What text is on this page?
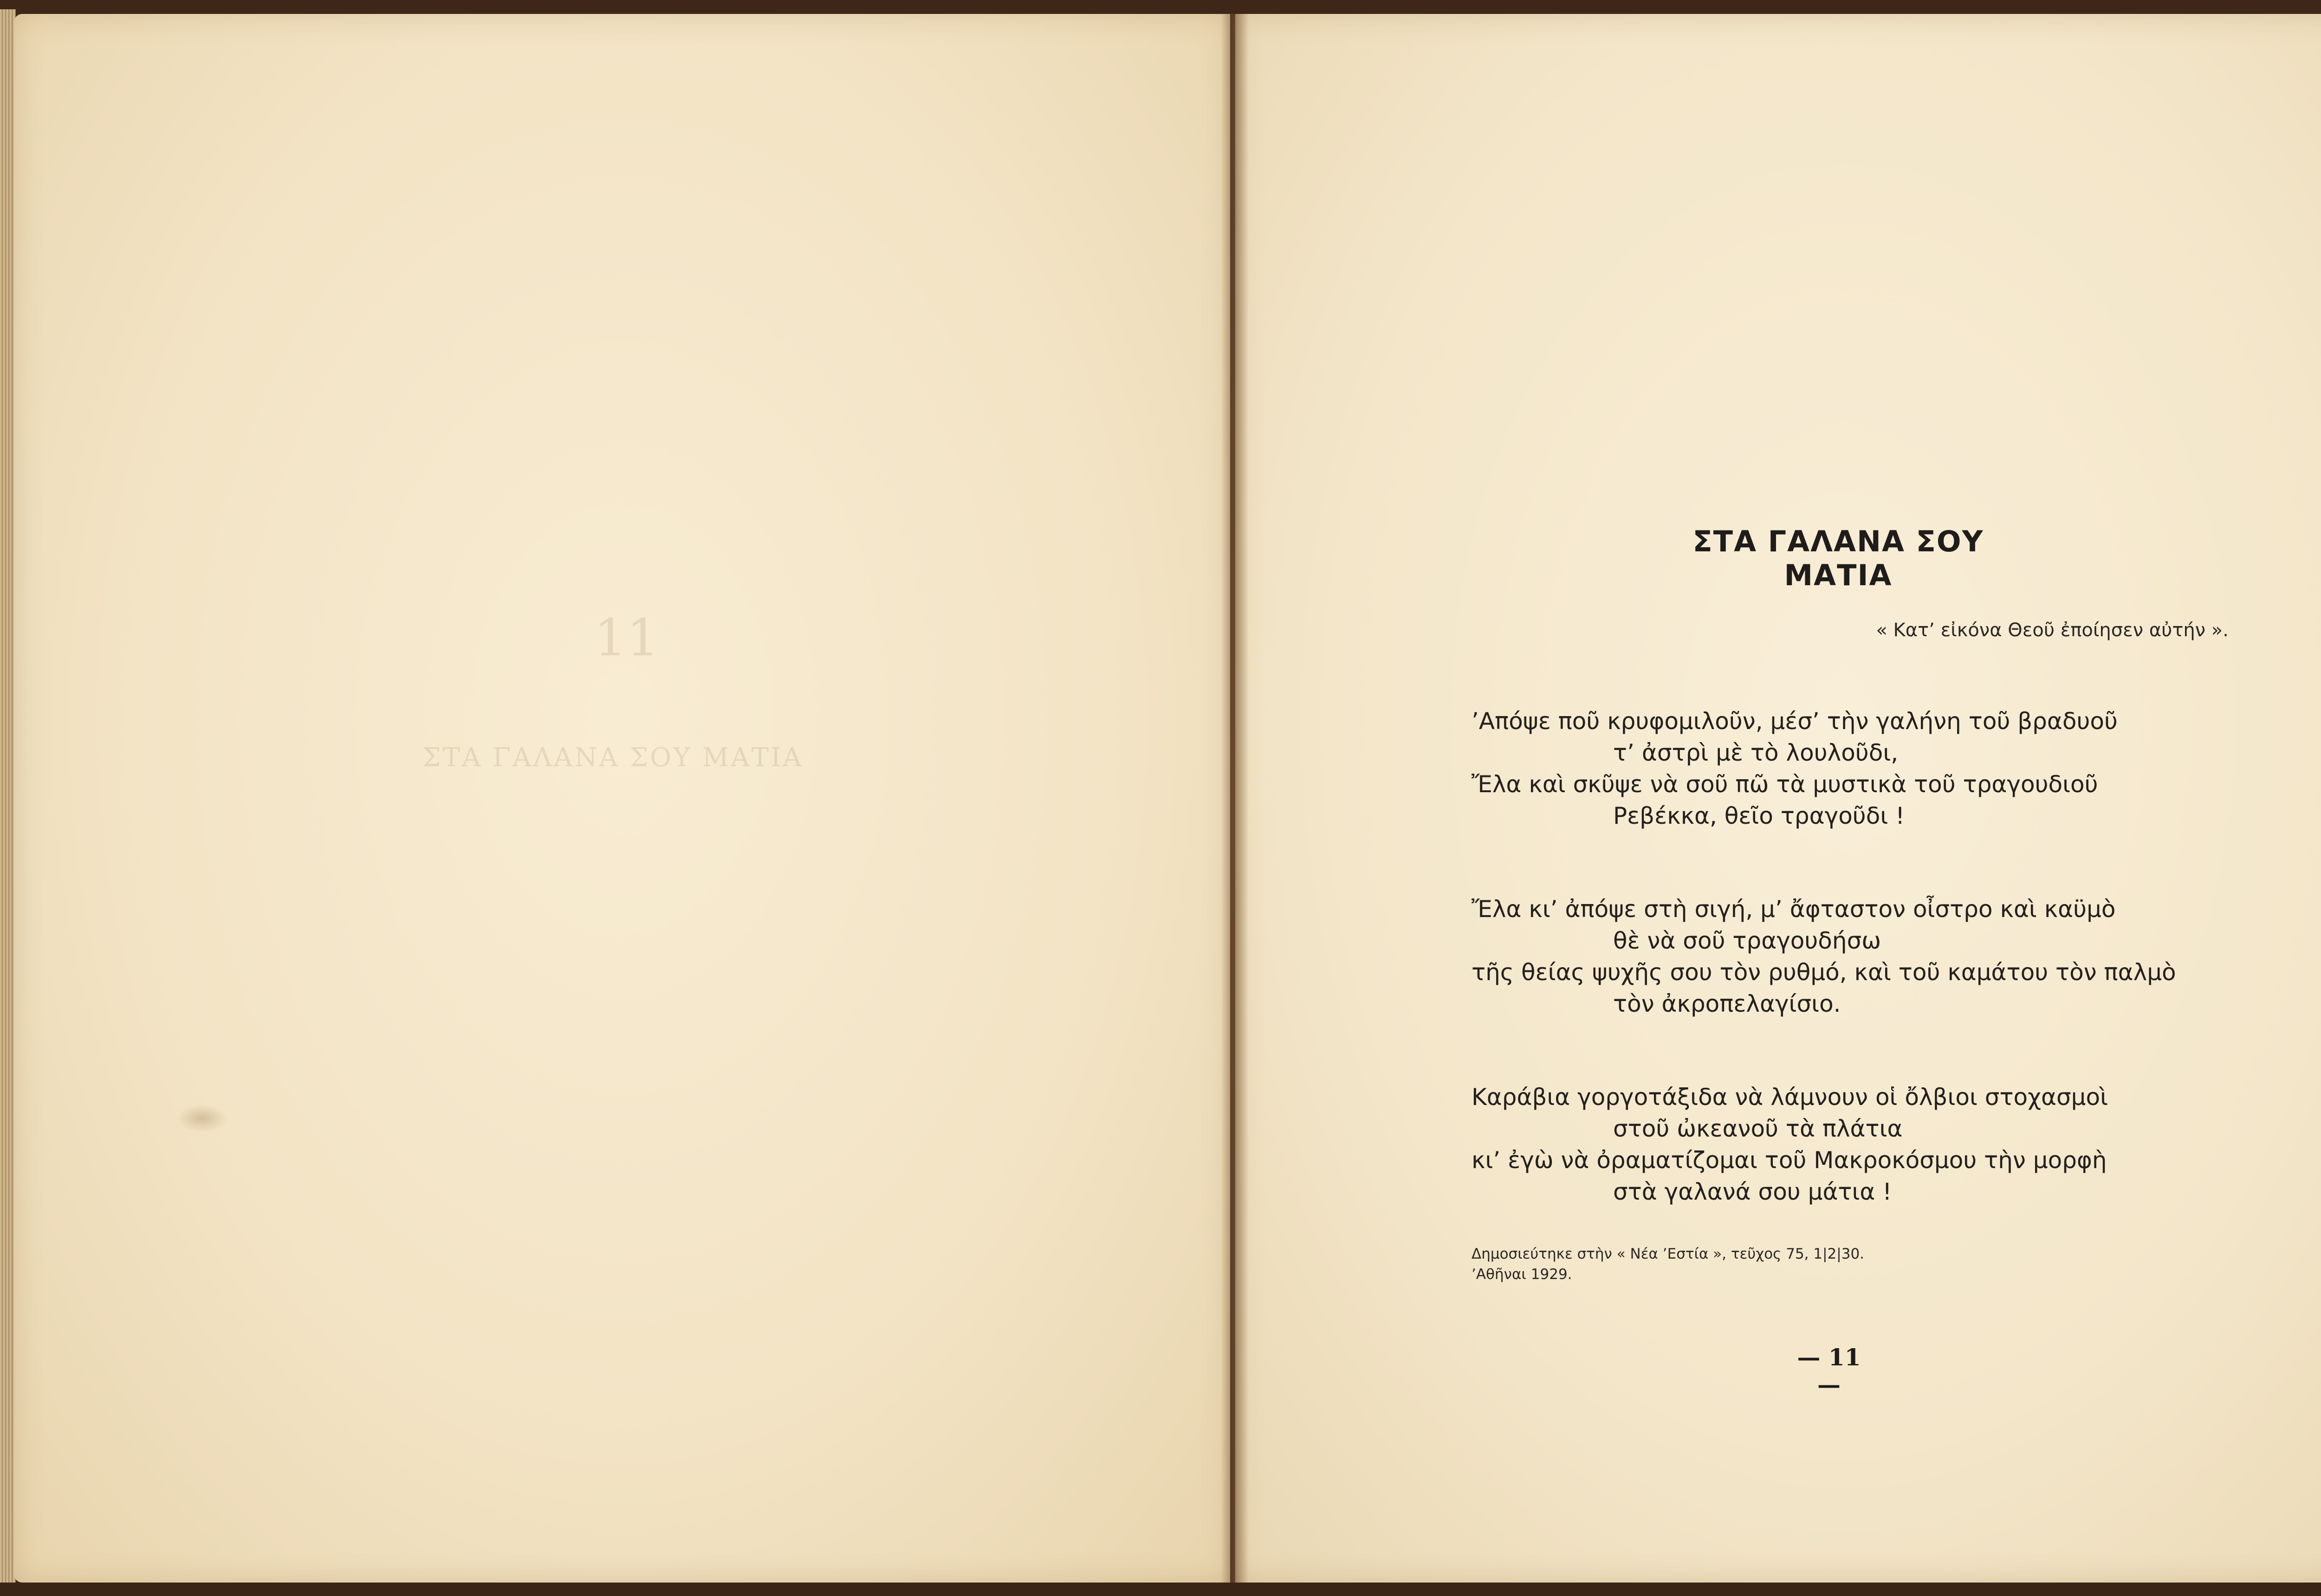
11
ΣΤΑ ΓΑΛΑΝΑ ΣΟΥ ΜΑΤΙΑ
ΣΤΑ ΓΑΛΑΝΑ ΣΟΥ ΜΑΤΙΑ
« Κατ’ εἰκόνα Θεοῦ ἐποίησεν αὐτήν ».
’Απόψε ποῦ κρυφομιλοῦν, μέσ’ τὴν γαλήνη τοῦ βραδυοῦ
τ’ ἀστρὶ μὲ τὸ λουλοῦδι,
Ἔλα καὶ σκῦψε νὰ σοῦ πῶ τὰ μυστικὰ τοῦ τραγουδιοῦ
Ρεβέκκα, θεῖο τραγοῦδι !
Ἔλα κι’ ἀπόψε στὴ σιγή, μ’ ἄφταστον οἶστρο καὶ καϋμὸ
θὲ νὰ σοῦ τραγουδήσω
τῆς θείας ψυχῆς σου τὸν ρυθμό, καὶ τοῦ καμάτου τὸν παλμὸ
τὸν ἀκροπελαγίσιο.
Καράβια γοργοτάξιδα νὰ λάμνουν οἱ ὄλβιοι στοχασμοὶ
στοῦ ὠκεανοῦ τὰ πλάτια
κι’ ἐγὼ νὰ ὀραματίζομαι τοῦ Μακροκόσμου τὴν μορφὴ
στὰ γαλανά σου μάτια !
Δημοσιεύτηκε στὴν « Νέα ’Εστία », τεῦχος 75, 1|2|30.
’Αθῆναι 1929.
— 11 —
